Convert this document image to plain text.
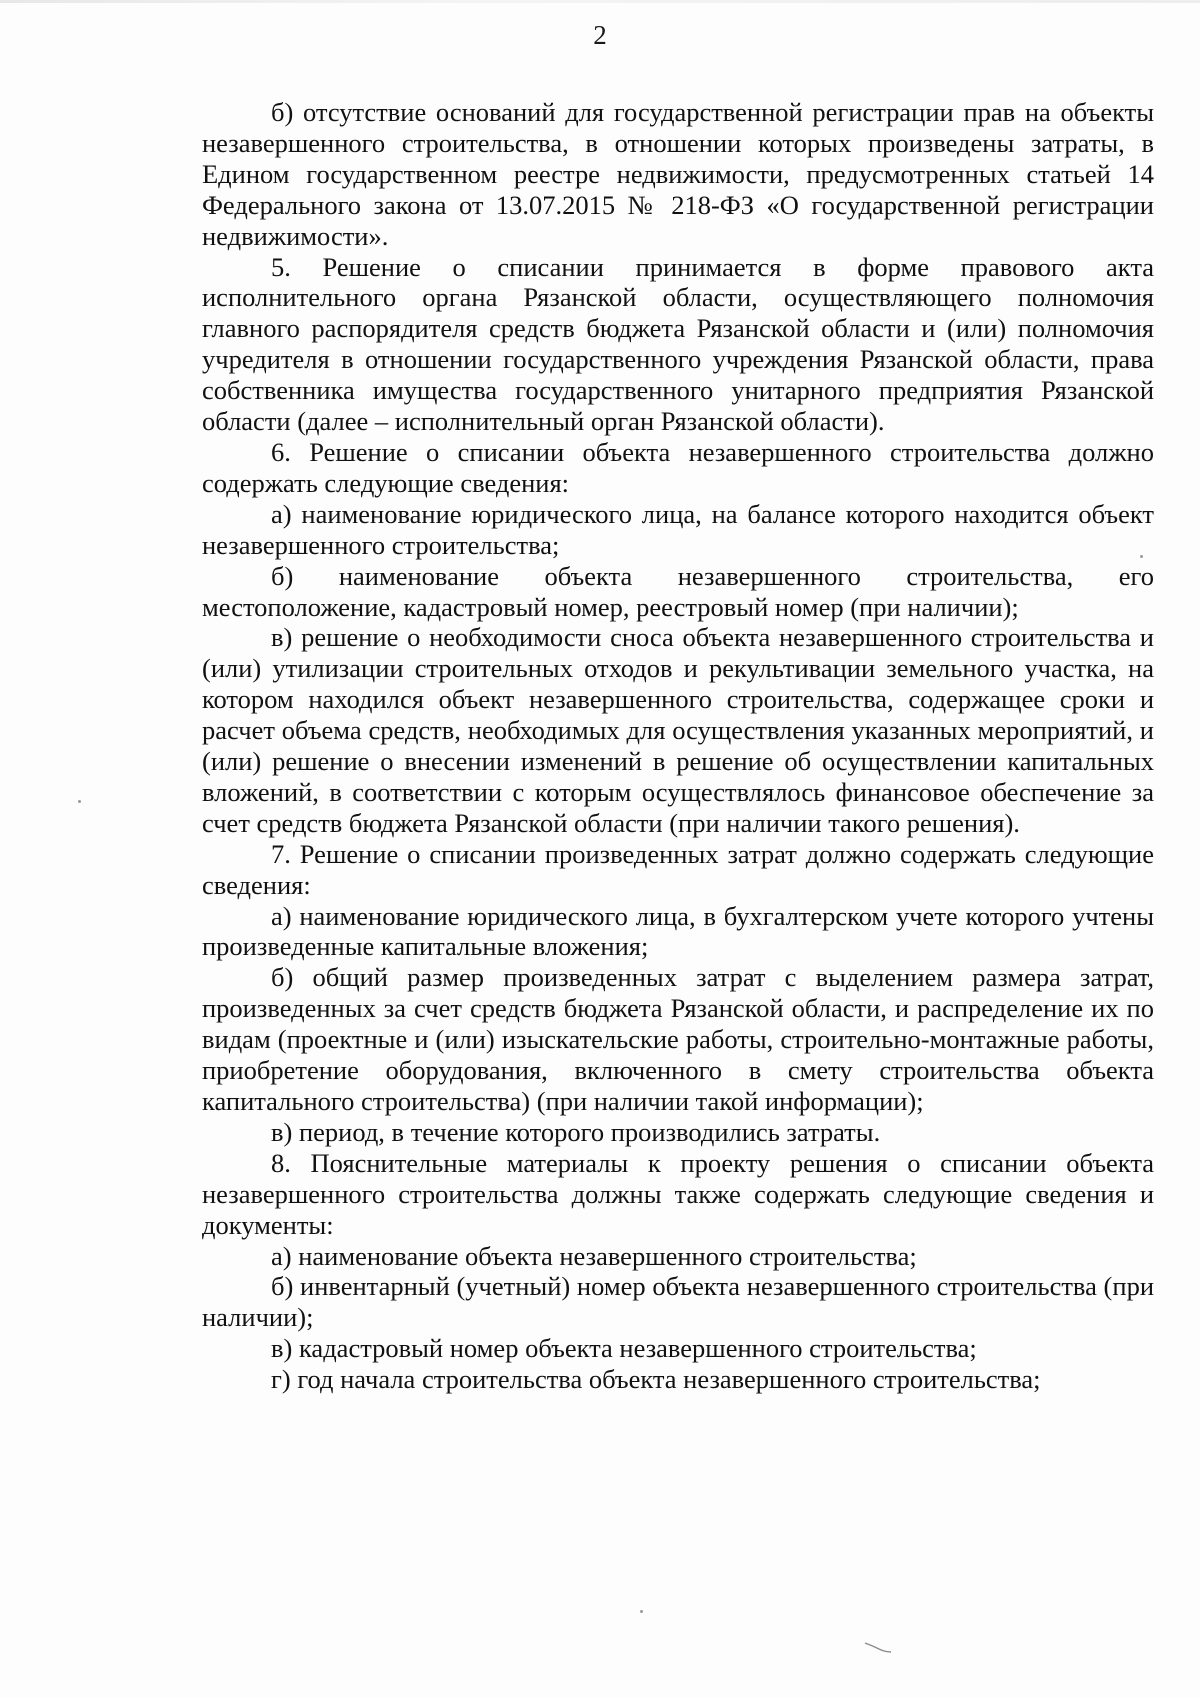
2

б) отсутствие оснований для государственной регистрации прав на объекты незавершенного строительства, в отношении которых произведены затраты, в Едином государственном реестре недвижимости, предусмотренных статьей 14 Федерального закона от 13.07.2015 № 218-ФЗ «О государственной регистрации недвижимости».

5. Решение о списании принимается в форме правового акта исполнительного органа Рязанской области, осуществляющего полномочия главного распорядителя средств бюджета Рязанской области и (или) полномочия учредителя в отношении государственного учреждения Рязанской области, права собственника имущества государственного унитарного предприятия Рязанской области (далее – исполнительный орган Рязанской области).

6. Решение о списании объекта незавершенного строительства должно содержать следующие сведения:

а) наименование юридического лица, на балансе которого находится объект незавершенного строительства;

б) наименование объекта незавершенного строительства, его местоположение, кадастровый номер, реестровый номер (при наличии);

в) решение о необходимости сноса объекта незавершенного строительства и (или) утилизации строительных отходов и рекультивации земельного участка, на котором находился объект незавершенного строительства, содержащее сроки и расчет объема средств, необходимых для осуществления указанных мероприятий, и (или) решение о внесении изменений в решение об осуществлении капитальных вложений, в соответствии с которым осуществлялось финансовое обеспечение за счет средств бюджета Рязанской области (при наличии такого решения).

7. Решение о списании произведенных затрат должно содержать следующие сведения:

а) наименование юридического лица, в бухгалтерском учете которого учтены произведенные капитальные вложения;

б) общий размер произведенных затрат с выделением размера затрат, произведенных за счет средств бюджета Рязанской области, и распределение их по видам (проектные и (или) изыскательские работы, строительно-монтажные работы, приобретение оборудования, включенного в смету строительства объекта капитального строительства) (при наличии такой информации);

в) период, в течение которого производились затраты.

8. Пояснительные материалы к проекту решения о списании объекта незавершенного строительства должны также содержать следующие сведения и документы:

а) наименование объекта незавершенного строительства;

б) инвентарный (учетный) номер объекта незавершенного строительства (при наличии);

в) кадастровый номер объекта незавершенного строительства;

г) год начала строительства объекта незавершенного строительства;
